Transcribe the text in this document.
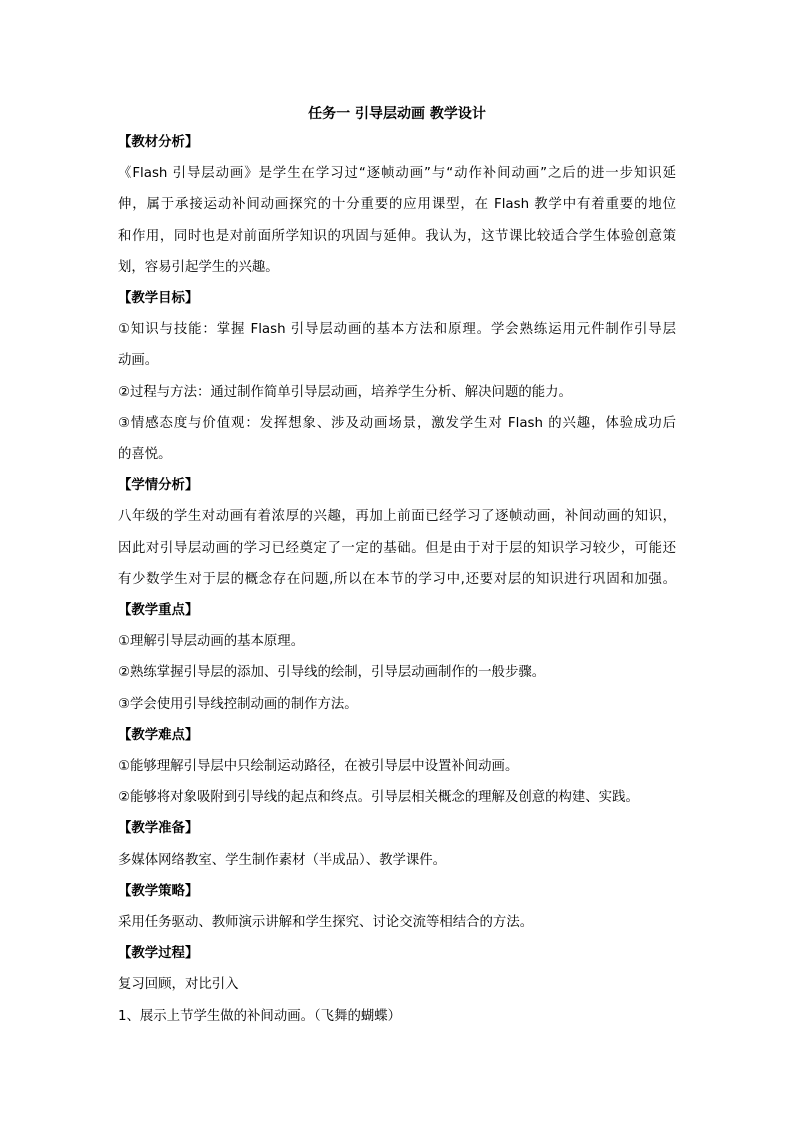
任务一 引导层动画 教学设计
【教材分析】
《Flash 引导层动画》是学生在学习过“逐帧动画”与“动作补间动画”之后的进一步知识延
伸，属于承接运动补间动画探究的十分重要的应用课型，在 Flash 教学中有着重要的地位
和作用，同时也是对前面所学知识的巩固与延伸。我认为，这节课比较适合学生体验创意策
划，容易引起学生的兴趣。
【教学目标】
①知识与技能：掌握 Flash 引导层动画的基本方法和原理。学会熟练运用元件制作引导层
动画。
②过程与方法：通过制作简单引导层动画，培养学生分析、解决问题的能力。
③情感态度与价值观：发挥想象、涉及动画场景，激发学生对 Flash 的兴趣，体验成功后
的喜悦。
【学情分析】
八年级的学生对动画有着浓厚的兴趣，再加上前面已经学习了逐帧动画，补间动画的知识，
因此对引导层动画的学习已经奠定了一定的基础。但是由于对于层的知识学习较少，可能还
有少数学生对于层的概念存在问题,所以在本节的学习中,还要对层的知识进行巩固和加强。
【教学重点】
①理解引导层动画的基本原理。
②熟练掌握引导层的添加、引导线的绘制，引导层动画制作的一般步骤。
③学会使用引导线控制动画的制作方法。
【教学难点】
①能够理解引导层中只绘制运动路径，在被引导层中设置补间动画。
②能够将对象吸附到引导线的起点和终点。引导层相关概念的理解及创意的构建、实践。
【教学准备】
多媒体网络教室、学生制作素材（半成品）、教学课件。
【教学策略】
采用任务驱动、教师演示讲解和学生探究、讨论交流等相结合的方法。
【教学过程】
复习回顾，对比引入
1、展示上节学生做的补间动画。（飞舞的蝴蝶）
